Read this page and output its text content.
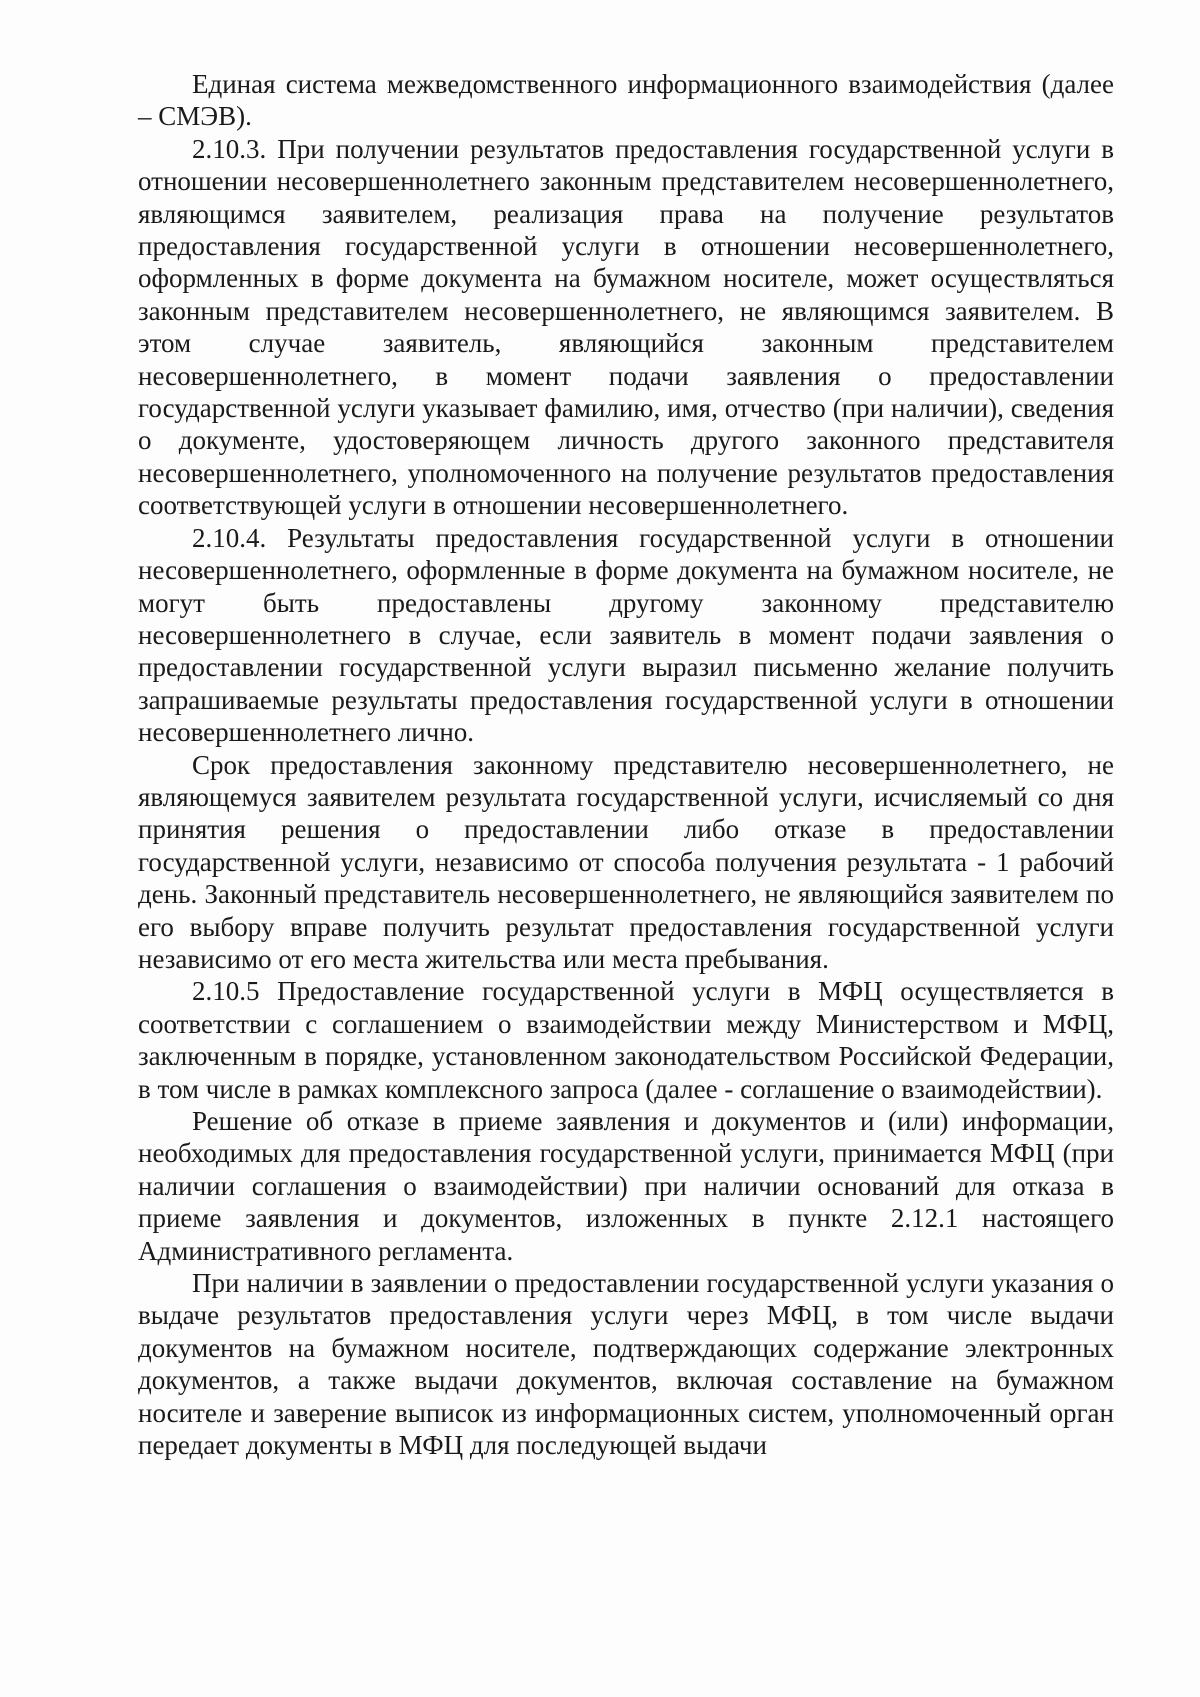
Единая система межведомственного информационного взаимодействия (далее – СМЭВ).

2.10.3. При получении результатов предоставления государственной услуги в отношении несовершеннолетнего законным представителем несовершеннолетнего, являющимся заявителем, реализация права на получение результатов предоставления государственной услуги в отношении несовершеннолетнего, оформленных в форме документа на бумажном носителе, может осуществляться законным представителем несовершеннолетнего, не являющимся заявителем. В этом случае заявитель, являющийся законным представителем несовершеннолетнего, в момент подачи заявления о предоставлении государственной услуги указывает фамилию, имя, отчество (при наличии), сведения о документе, удостоверяющем личность другого законного представителя несовершеннолетнего, уполномоченного на получение результатов предоставления соответствующей услуги в отношении несовершеннолетнего.

2.10.4. Результаты предоставления государственной услуги в отношении несовершеннолетнего, оформленные в форме документа на бумажном носителе, не могут быть предоставлены другому законному представителю несовершеннолетнего в случае, если заявитель в момент подачи заявления о предоставлении государственной услуги выразил письменно желание получить запрашиваемые результаты предоставления государственной услуги в отношении несовершеннолетнего лично.

Срок предоставления законному представителю несовершеннолетнего, не являющемуся заявителем результата государственной услуги, исчисляемый со дня принятия решения о предоставлении либо отказе в предоставлении государственной услуги, независимо от способа получения результата - 1 рабочий день. Законный представитель несовершеннолетнего, не являющийся заявителем по его выбору вправе получить результат предоставления государственной услуги независимо от его места жительства или места пребывания.

2.10.5 Предоставление государственной услуги в МФЦ осуществляется в соответствии с соглашением о взаимодействии между Министерством и МФЦ, заключенным в порядке, установленном законодательством Российской Федерации, в том числе в рамках комплексного запроса (далее - соглашение о взаимодействии).

Решение об отказе в приеме заявления и документов и (или) информации, необходимых для предоставления государственной услуги, принимается МФЦ (при наличии соглашения о взаимодействии) при наличии оснований для отказа в приеме заявления и документов, изложенных в пункте 2.12.1 настоящего Административного регламента.

При наличии в заявлении о предоставлении государственной услуги указания о выдаче результатов предоставления услуги через МФЦ, в том числе выдачи документов на бумажном носителе, подтверждающих содержание электронных документов, а также выдачи документов, включая составление на бумажном носителе и заверение выписок из информационных систем, уполномоченный орган передает документы в МФЦ для последующей выдачи
